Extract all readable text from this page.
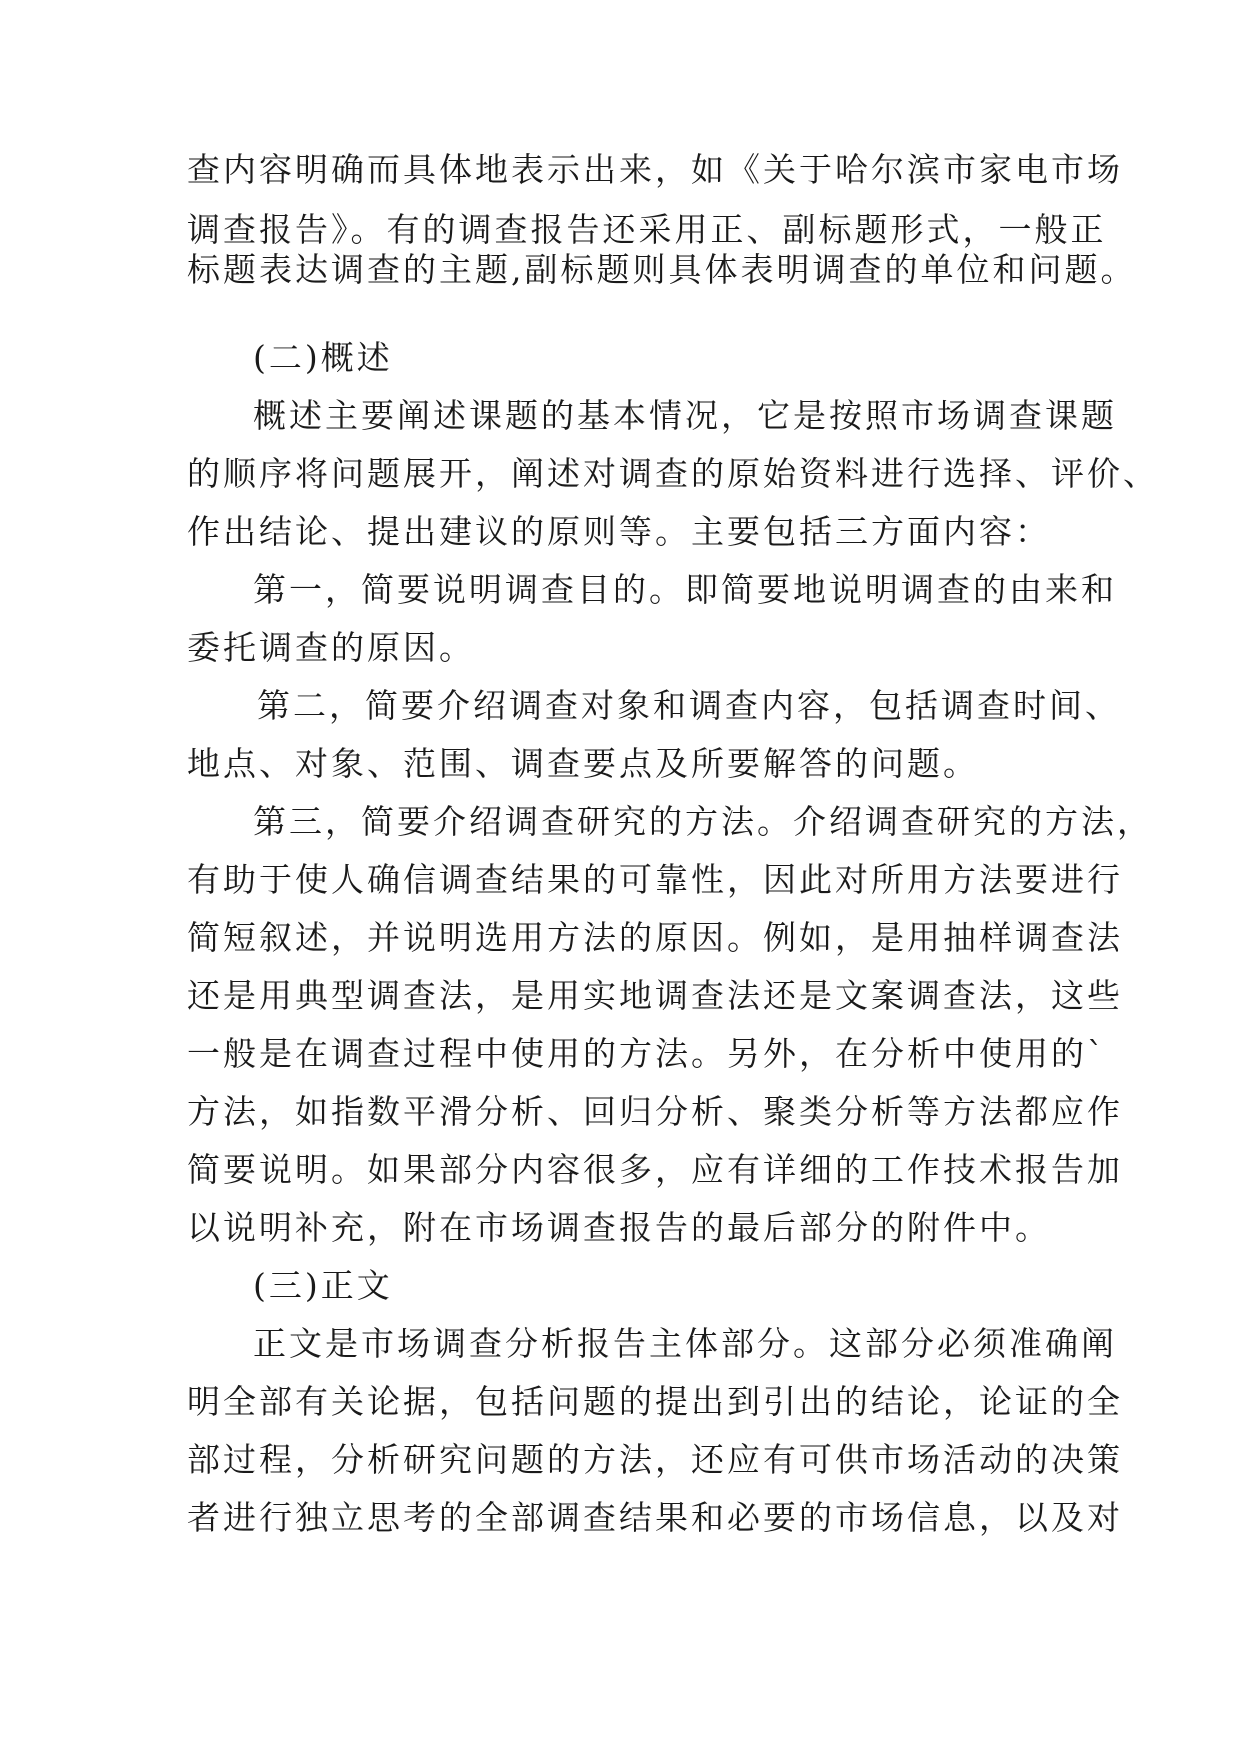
查内容明确而具体地表示出来，如《关于哈尔滨市家电市场
调查报告》。有的调查报告还采用正、副标题形式，一般正
标题表达调查的主题,副标题则具体表明调查的单位和问题。
(二)概述
概述主要阐述课题的基本情况，它是按照市场调查课题
的顺序将问题展开，阐述对调查的原始资料进行选择、评价、
作出结论、提出建议的原则等。主要包括三方面内容：
第一，简要说明调查目的。即简要地说明调查的由来和
委托调查的原因。
第二，简要介绍调查对象和调查内容，包括调查时间、
地点、对象、范围、调查要点及所要解答的问题。
第三，简要介绍调查研究的方法。介绍调查研究的方法，
有助于使人确信调查结果的可靠性，因此对所用方法要进行
简短叙述，并说明选用方法的原因。例如，是用抽样调查法
还是用典型调查法，是用实地调查法还是文案调查法，这些
一般是在调查过程中使用的方法。另外，在分析中使用的`
方法，如指数平滑分析、回归分析、聚类分析等方法都应作
简要说明。如果部分内容很多，应有详细的工作技术报告加
以说明补充，附在市场调查报告的最后部分的附件中。
(三)正文
正文是市场调查分析报告主体部分。这部分必须准确阐
明全部有关论据，包括问题的提出到引出的结论，论证的全
部过程，分析研究问题的方法，还应有可供市场活动的决策
者进行独立思考的全部调查结果和必要的市场信息，以及对
